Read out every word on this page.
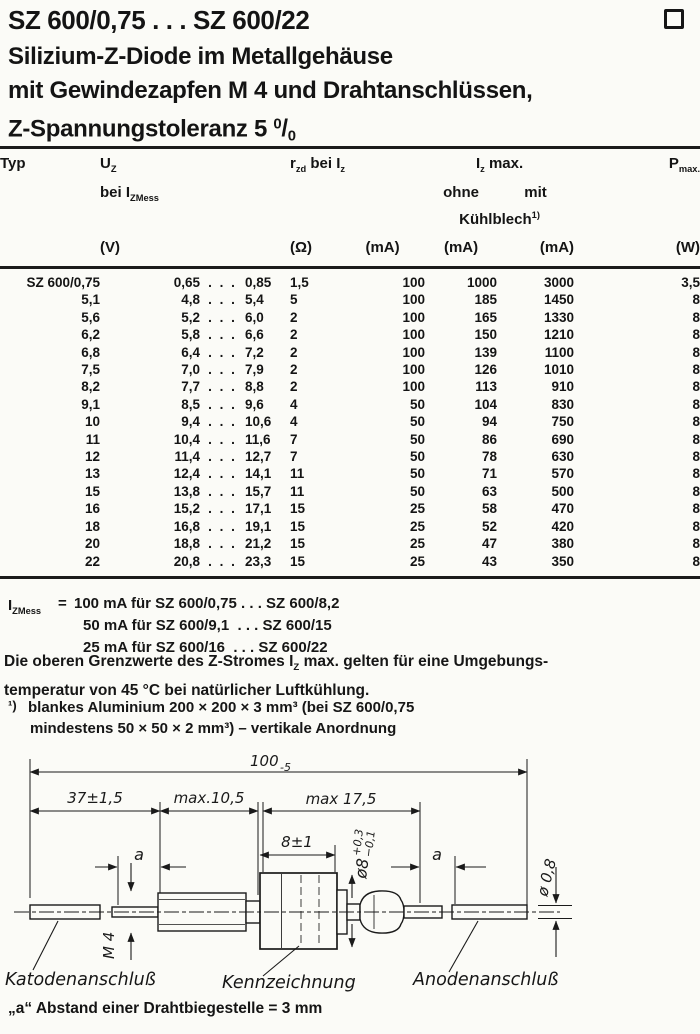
SZ 600/0,75 . . . SZ 600/22
Silizium-Z-Diode im Metallgehäuse
mit Gewindezapfen M 4 und Drahtanschlüssen,
Z-Spannungstoleranz 5 $^0/_0$
Typ	$U_Z$
bei $I_{ZMess}$
	$r_{zd}$ bei $I_z$	$I_z$ max.
ohne	mit
Kühlblech$^{1)}$
	$P_{max.}$
	(V)			(Ω)	(mA)	(mA)	(mA)	(W)
SZ 600/0,75	0,65	. . .	0,85	1,5	100	1000	3000	3,5
5,1	4,8	. . .	5,4	5	100	185	1450	8
5,6	5,2	. . .	6,0	2	100	165	1330	8
6,2	5,8	. . .	6,6	2	100	150	1210	8
6,8	6,4	. . .	7,2	2	100	139	1100	8
7,5	7,0	. . .	7,9	2	100	126	1010	8
8,2	7,7	. . .	8,8	2	100	113	910	8
9,1	8,5	. . .	9,6	4	50	104	830	8
10	9,4	. . .	10,6	4	50	94	750	8
11	10,4	. . .	11,6	7	50	86	690	8
12	11,4	. . .	12,7	7	50	78	630	8
13	12,4	. . .	14,1	11	50	71	570	8
15	13,8	. . .	15,7	11	50	63	500	8
16	15,2	. . .	17,1	15	25	58	470	8
18	16,8	. . .	19,1	15	25	52	420	8
20	18,8	. . .	21,2	15	25	47	380	8
22	20,8	. . .	23,3	15	25	43	350	8
$I_{ZMess}$	= 100 mA für SZ 600/0,75 . . . SZ 600/8,2
50 mA für SZ 600/9,1  . . . SZ 600/15
25 mA für SZ 600/16  . . . SZ 600/22
Die oberen Grenzwerte des Z-Stromes $I_Z$ max. gelten für eine Umgebungs-
temperatur von 45 °C bei natürlicher Luftkühlung.
¹) blankes Aluminium 200 × 200 × 3 mm³ (bei SZ 600/0,75
mindestens 50 × 50 × 2 mm³) – vertikale Anordnung
100 -5
37±1,5	max.10,5	max 17,5
8±1
a	a
ø8
+0,3
−0,1
ø 0,8
M 4
Katodenanschluß	Kennzeichnung	Anodenanschluß
„a“ Abstand einer Drahtbiegestelle = 3 mm
